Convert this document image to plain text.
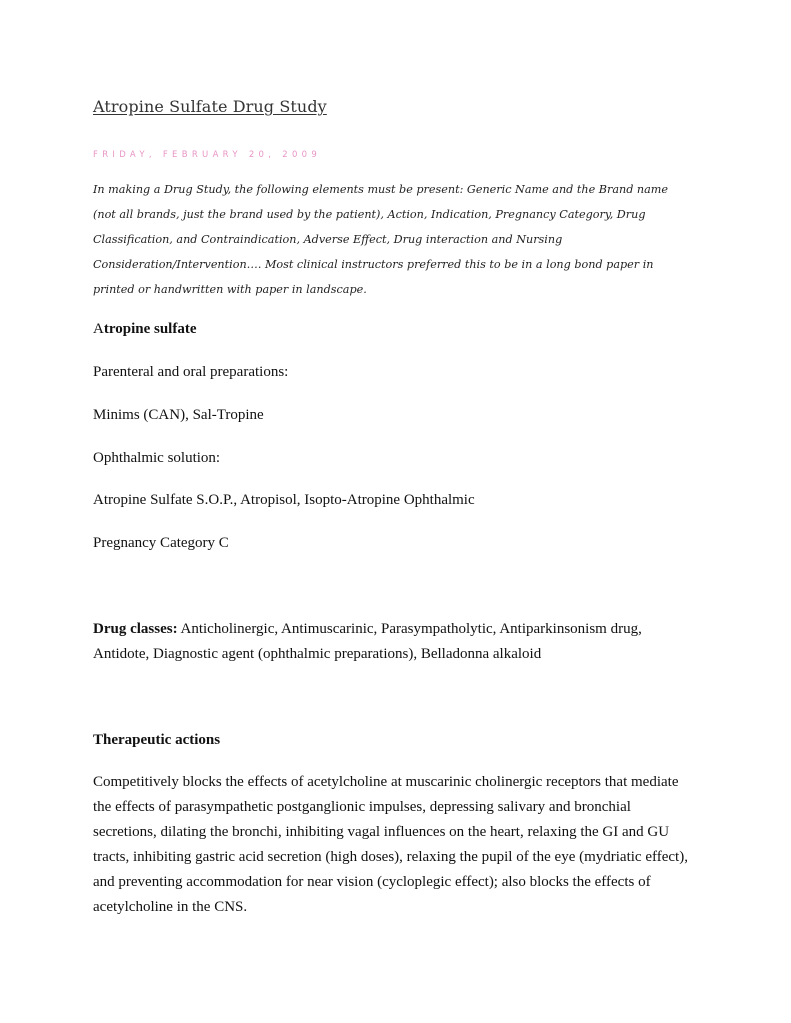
Atropine Sulfate Drug Study
FRIDAY, FEBRUARY 20, 2009

In making a Drug Study, the following elements must be present: Generic Name and the Brand name (not all brands, just the brand used by the patient), Action, Indication, Pregnancy Category, Drug Classification, and Contraindication, Adverse Effect, Drug interaction and Nursing Consideration/Intervention…. Most clinical instructors preferred this to be in a long bond paper in printed or handwritten with paper in landscape.

Atropine sulfate

Parenteral and oral preparations:

Minims (CAN), Sal-Tropine

Ophthalmic solution:

Atropine Sulfate S.O.P., Atropisol, Isopto-Atropine Ophthalmic

Pregnancy Category C

Drug classes: Anticholinergic, Antimuscarinic, Parasympatholytic, Antiparkinsonism drug, Antidote, Diagnostic agent (ophthalmic preparations), Belladonna alkaloid

Therapeutic actions

Competitively blocks the effects of acetylcholine at muscarinic cholinergic receptors that mediate the effects of parasympathetic postganglionic impulses, depressing salivary and bronchial secretions, dilating the bronchi, inhibiting vagal influences on the heart, relaxing the GI and GU tracts, inhibiting gastric acid secretion (high doses), relaxing the pupil of the eye (mydriatic effect), and preventing accommodation for near vision (cycloplegic effect); also blocks the effects of acetylcholine in the CNS.
